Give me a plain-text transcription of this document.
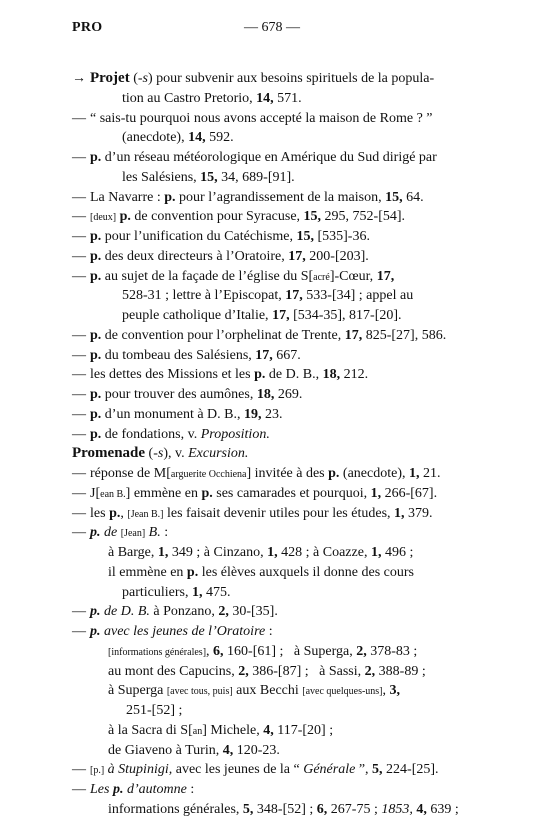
PRO	— 678 —
→ Projet (-s) pour subvenir aux besoins spirituels de la popula-
tion au Castro Pretorio, 14, 571.
— “ sais-tu pourquoi nous avons accepté la maison de Rome ? ”
(anecdote), 14, 592.
— p. d’un réseau météorologique en Amérique du Sud dirigé par
les Salésiens, 15, 34, 689-[91].
— La Navarre : p. pour l’agrandissement de la maison, 15, 64.
— [deux] p. de convention pour Syracuse, 15, 295, 752-[54].
— p. pour l’unification du Catéchisme, 15, [535]-36.
— p. des deux directeurs à l’Oratoire, 17, 200-[203].
— p. au sujet de la façade de l’église du S[acré]-Cœur, 17,
528-31 ; lettre à l’Episcopat, 17, 533-[34] ; appel au
peuple catholique d’Italie, 17, [534-35], 817-[20].
— p. de convention pour l’orphelinat de Trente, 17, 825-[27], 586.
— p. du tombeau des Salésiens, 17, 667.
— les dettes des Missions et les p. de D. B., 18, 212.
— p. pour trouver des aumônes, 18, 269.
— p. d’un monument à D. B., 19, 23.
— p. de fondations, v. Proposition.
Promenade (-s), v. Excursion.
— réponse de M[arguerite Occhiena] invitée à des p. (anecdote), 1, 21.
— J[ean B.] emmène en p. ses camarades et pourquoi, 1, 266-[67].
— les p., [Jean B.] les faisait devenir utiles pour les études, 1, 379.
— p. de [Jean] B. :
à Barge, 1, 349 ; à Cinzano, 1, 428 ; à Coazze, 1, 496 ;
il emmène en p. les élèves auxquels il donne des cours
particuliers, 1, 475.
— p. de D. B. à Ponzano, 2, 30-[35].
— p. avec les jeunes de l’Oratoire :
[informations générales], 6, 160-[61] ;   à Superga, 2, 378-83 ;
au mont des Capucins, 2, 386-[87] ;   à Sassi, 2, 388-89 ;
à Superga [avec tous, puis] aux Becchi [avec quelques-uns], 3,
251-[52] ;
à la Sacra di S[an] Michele, 4, 117-[20] ;
de Giaveno à Turin, 4, 120-23.
— [p.] à Stupinigi, avec les jeunes de la “ Générale ”, 5, 224-[25].
— Les p. d’automne :
informations générales, 5, 348-[52] ; 6, 267-75 ; 1853, 4, 639 ;
